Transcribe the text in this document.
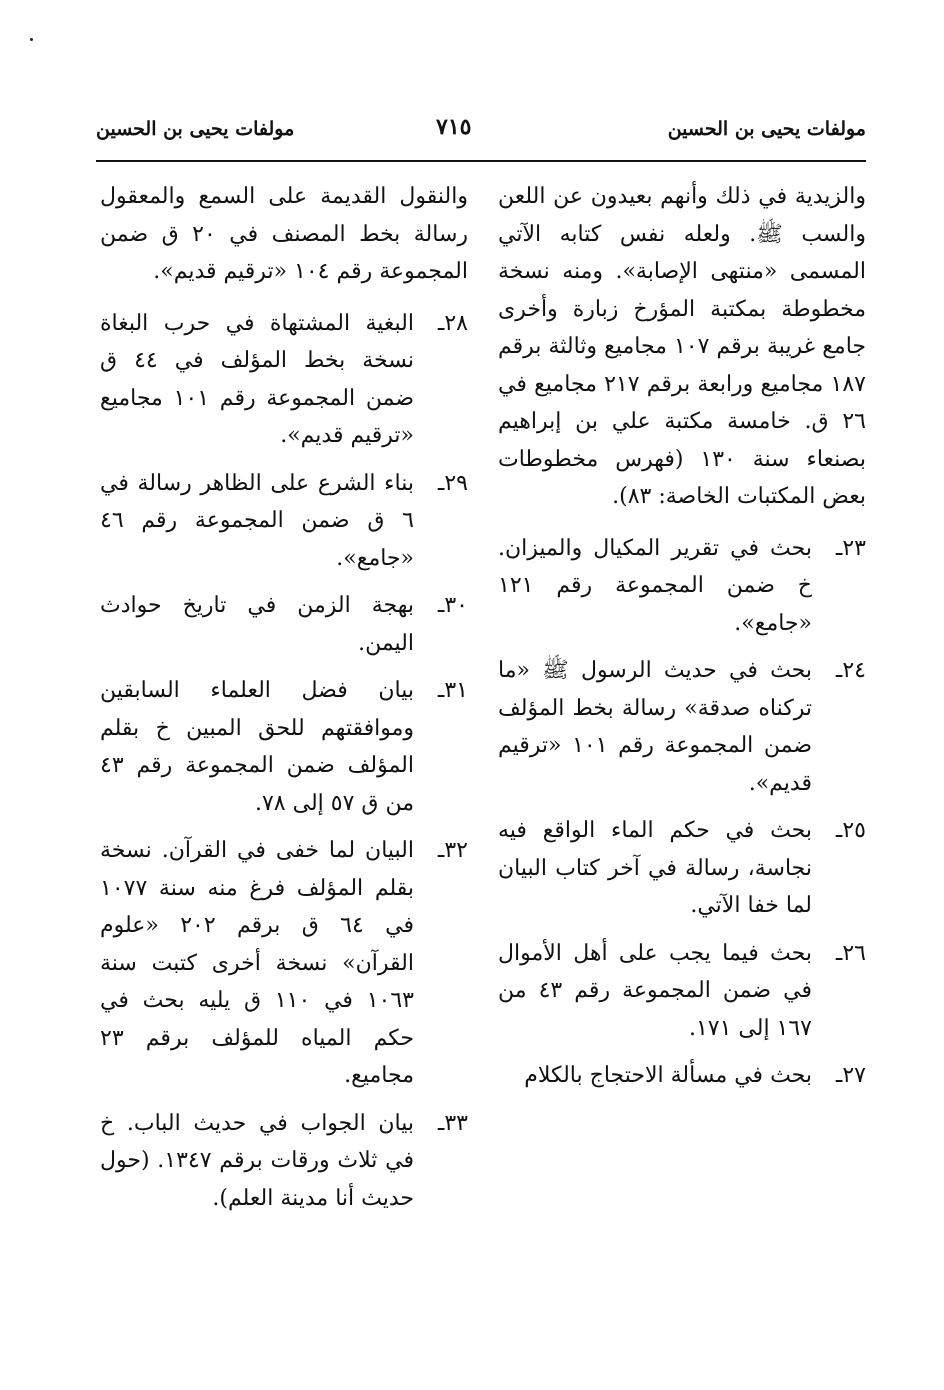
مولفات يحيى بن الحسين
٧١٥
مولفات يحيى بن الحسين

والزيدية في ذلك وأنهم بعيدون عن اللعن والسب ﷺ. ولعله نفس كتابه الآتي المسمى «منتهى الإصابة». ومنه نسخة مخطوطة بمكتبة المؤرخ زبارة وأخرى جامع غريبة برقم ١٠٧ مجاميع وثالثة برقم ١٨٧ مجاميع ورابعة برقم ٢١٧ مجاميع في ٢٦ ق. خامسة مكتبة علي بن إبراهيم بصنعاء سنة ١٣٠ (فهرس مخطوطات بعض المكتبات الخاصة: ٨٣).

٢٣ـ
بحث في تقرير المكيال والميزان. خ ضمن المجموعة رقم ١٢١ «جامع».
٢٤ـ
بحث في حديث الرسول ﷺ «ما تركناه صدقة» رسالة بخط المؤلف ضمن المجموعة رقم ١٠١ «ترقيم قديم».
٢٥ـ
بحث في حكم الماء الواقع فيه نجاسة، رسالة في آخر كتاب البيان لما خفا الآتي.
٢٦ـ
بحث فيما يجب على أهل الأموال في ضمن المجموعة رقم ٤٣ من ١٦٧ إلى ١٧١.
٢٧ـ
بحث في مسألة الاحتجاج بالكلام

والنقول القديمة على السمع والمعقول رسالة بخط المصنف في ٢٠ ق ضمن المجموعة رقم ١٠٤ «ترقيم قديم».

٢٨ـ
البغية المشتهاة في حرب البغاة نسخة بخط المؤلف في ٤٤ ق ضمن المجموعة رقم ١٠١ مجاميع «ترقيم قديم».
٢٩ـ
بناء الشرع على الظاهر رسالة في ٦ ق ضمن المجموعة رقم ٤٦ «جامع».
٣٠ـ
بهجة الزمن في تاريخ حوادث اليمن.
٣١ـ
بيان فضل العلماء السابقين وموافقتهم للحق المبين خ بقلم المؤلف ضمن المجموعة رقم ٤٣ من ق ٥٧ إلى ٧٨.
٣٢ـ
البيان لما خفى في القرآن. نسخة بقلم المؤلف فرغ منه سنة ١٠٧٧ في ٦٤ ق برقم ٢٠٢ «علوم القرآن» نسخة أخرى كتبت سنة ١٠٦٣ في ١١٠ ق يليه بحث في حكم المياه للمؤلف برقم ٢٣ مجاميع.
٣٣ـ
بيان الجواب في حديث الباب. خ في ثلاث ورقات برقم ١٣٤٧. (حول حديث أنا مدينة العلم).
